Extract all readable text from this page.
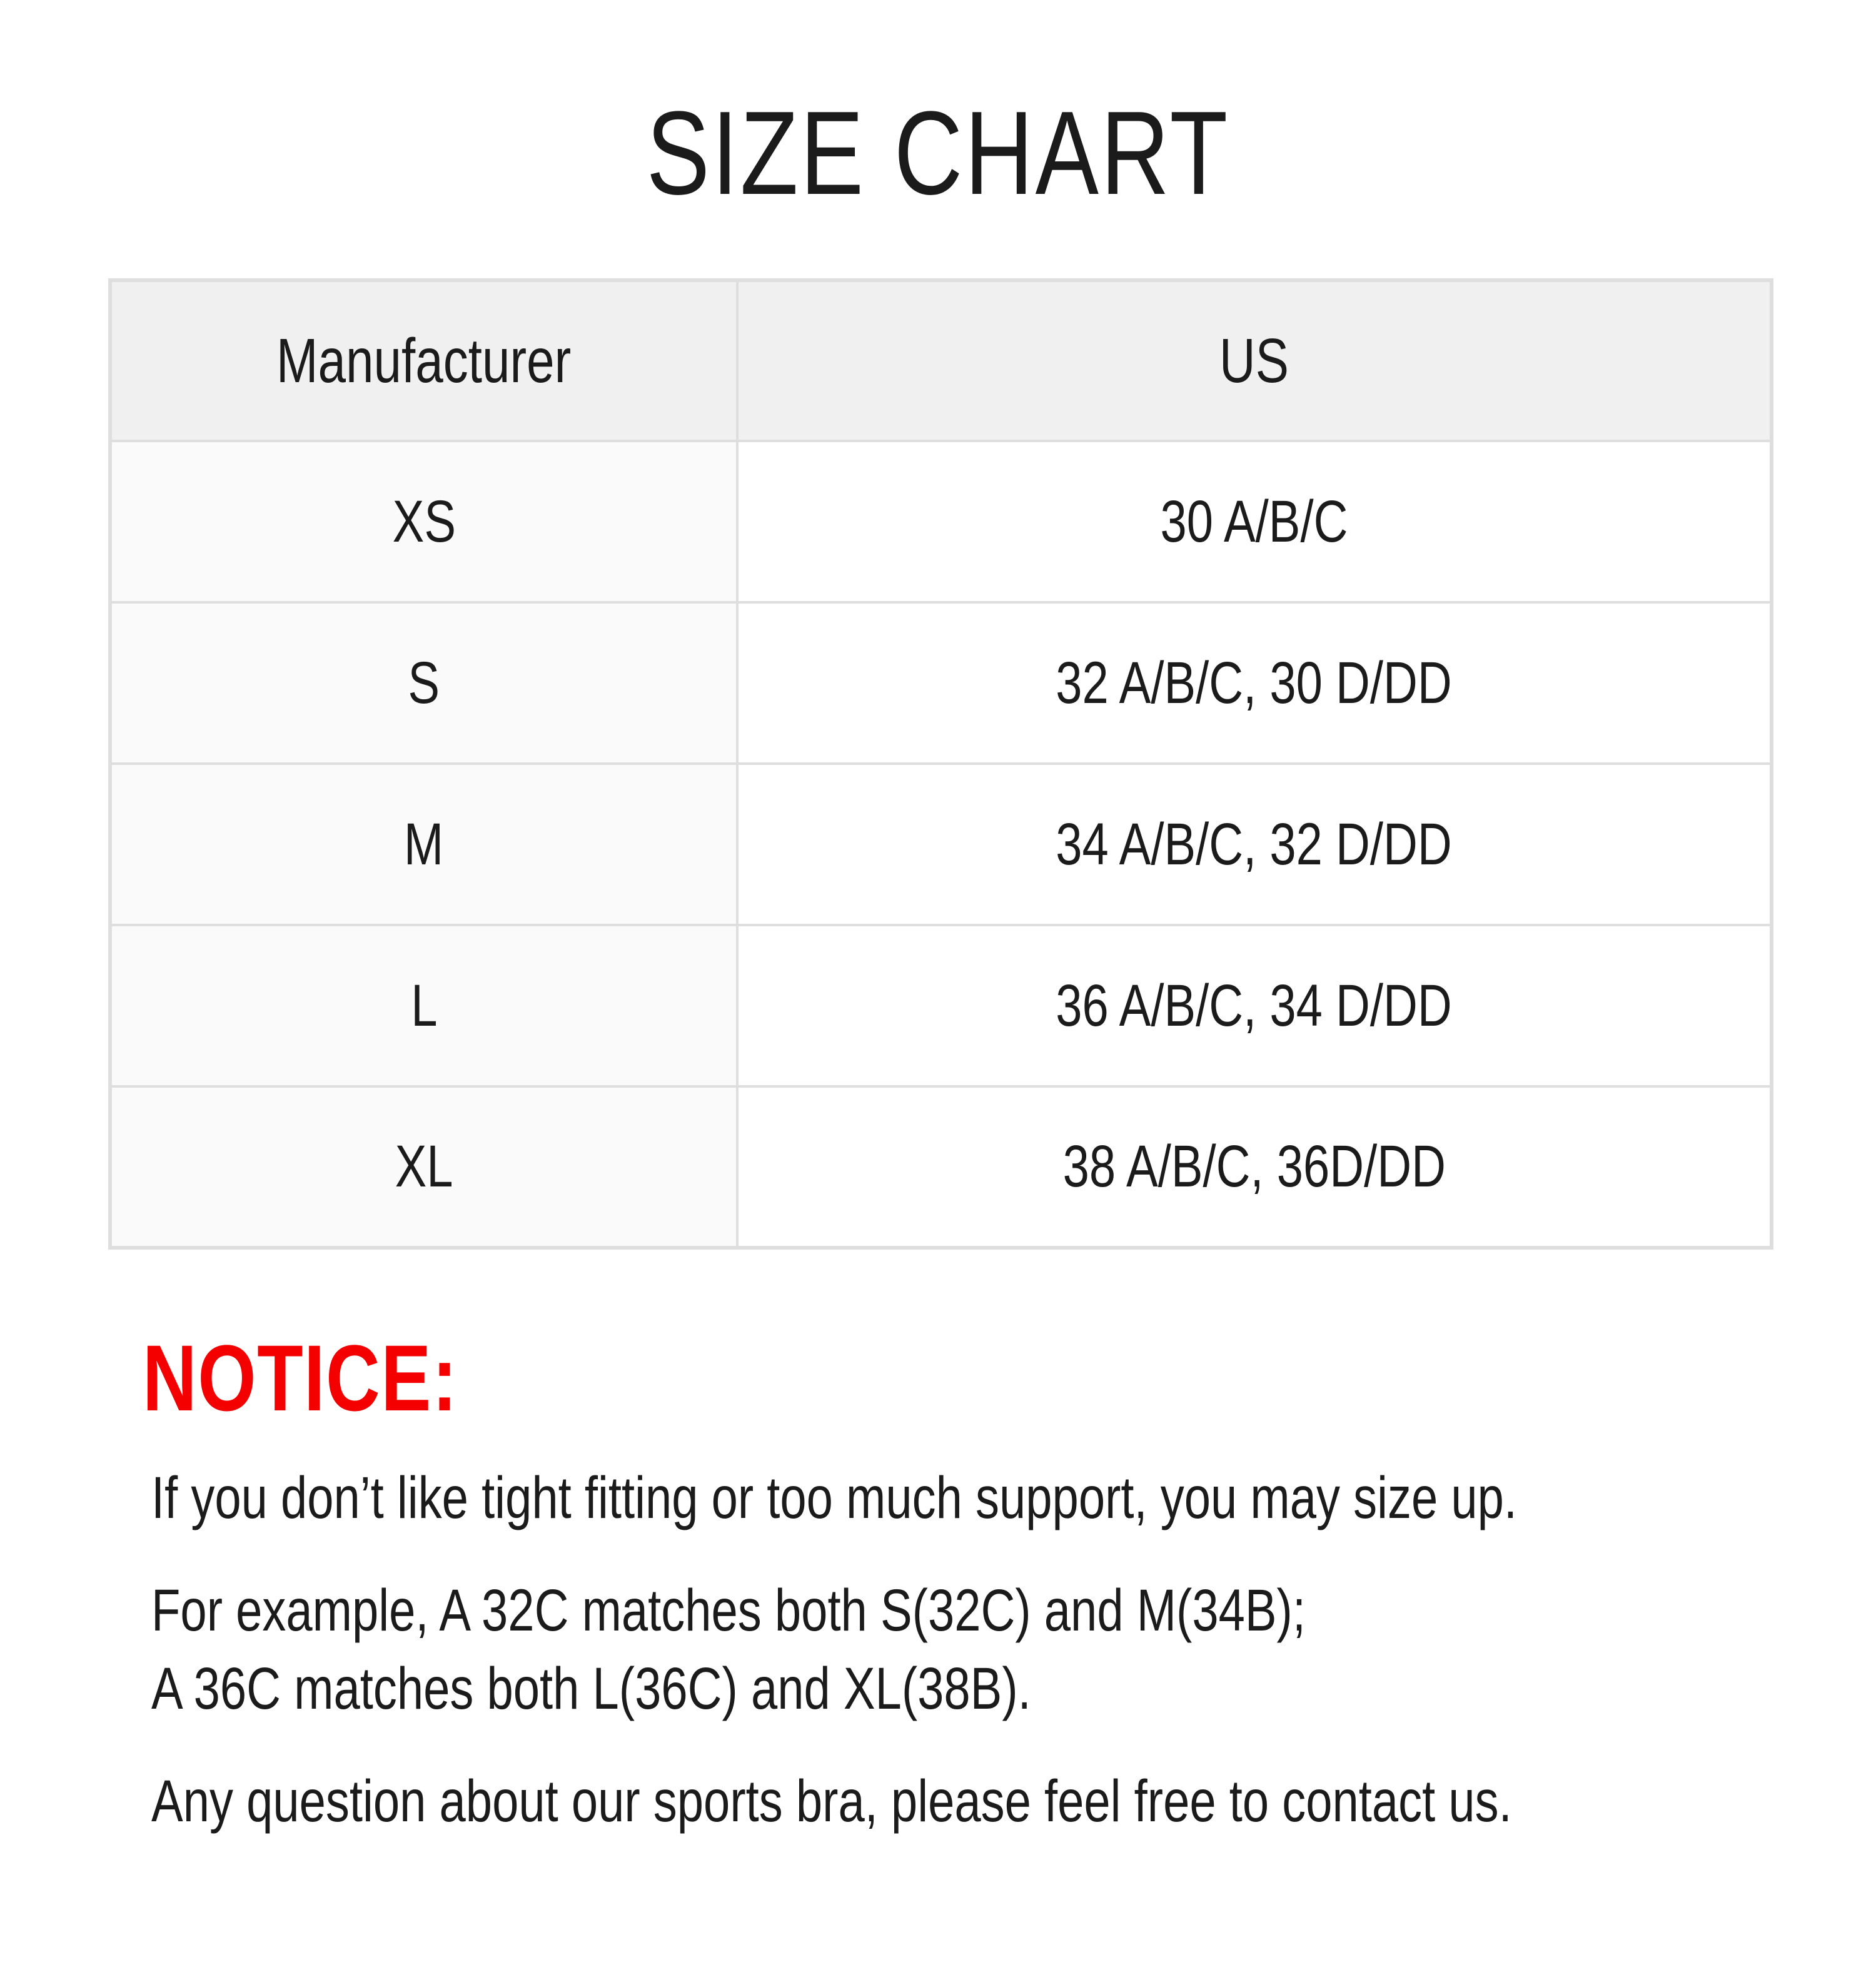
SIZE CHART
Manufacturer	US
XS	30 A/B/C
S	32 A/B/C, 30 D/DD
M	34 A/B/C, 32 D/DD
L	36 A/B/C, 34 D/DD
XL	38 A/B/C, 36D/DD
NOTICE:

If you don’t like tight fitting or too much support, you may size up.

For example, A 32C matches both S(32C) and M(34B);
A 36C matches both L(36C) and XL(38B).

Any question about our sports bra, please feel free to contact us.
